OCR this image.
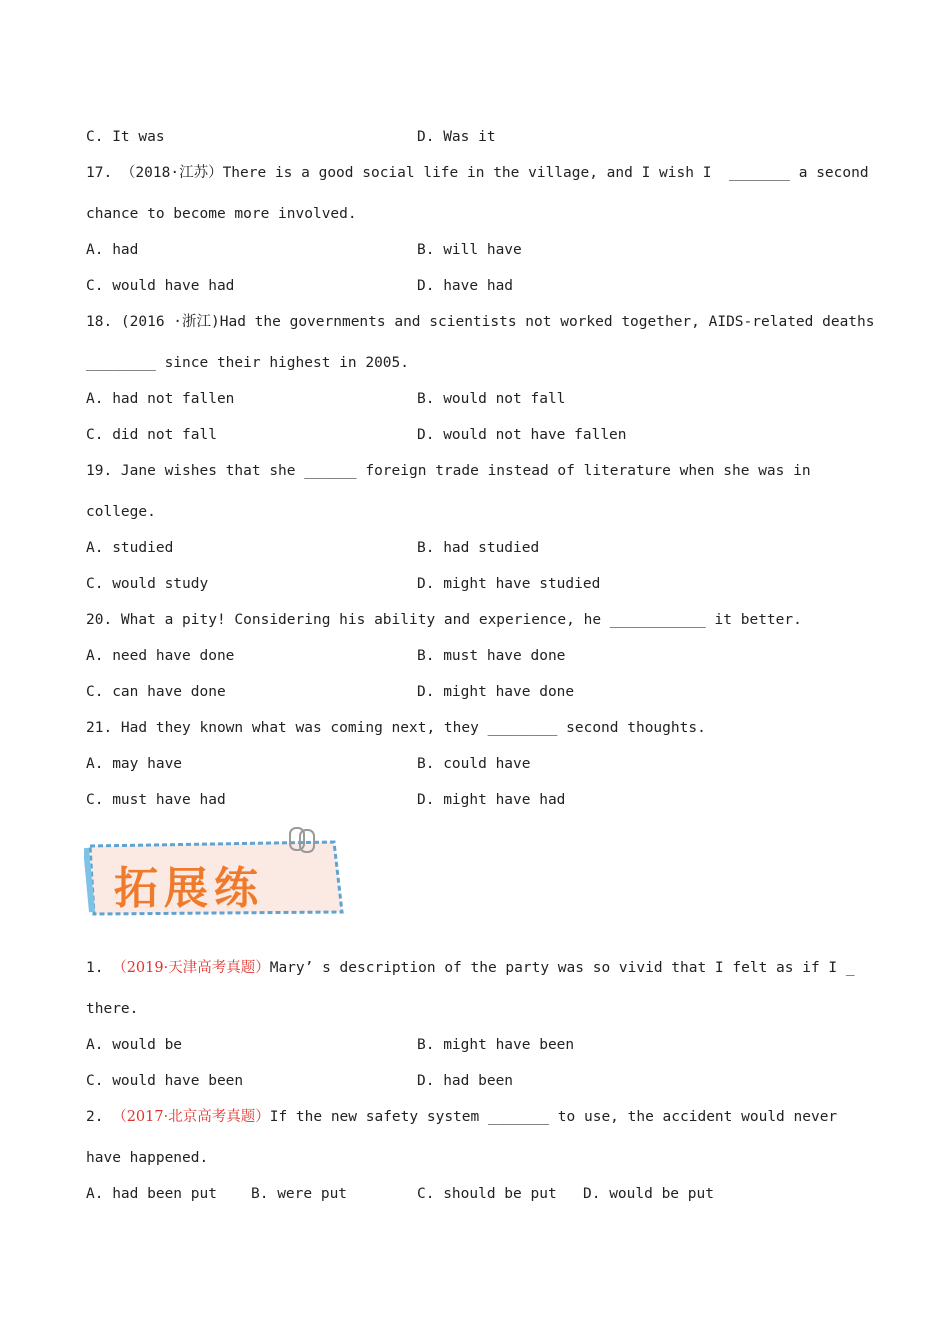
C. It was	D. Was it
17. （2018·江苏）There is a good social life in the village, and I wish I  _______ a second
chance to become more involved.
A. had	B. will have
C. would have had	D. have had
18. (2016 ·浙江)Had the governments and scientists not worked together, AIDS-related deaths
________ since their highest in 2005.
A. had not fallen	B. would not fall
C. did not fall	D. would not have fallen
19. Jane wishes that she ______ foreign trade instead of literature when she was in
college.
A. studied	B. had studied
C. would study	D. might have studied
20. What a pity! Considering his ability and experience, he ___________ it better.
A. need have done	B. must have done
C. can have done	D. might have done
21. Had they known what was coming next, they ________ second thoughts.
A. may have	B. could have
C. must have had	D. might have had
拓展练
1. （2019·天津高考真题）Mary’ s description of the party was so vivid that I felt as if I _
there.
A. would be	B. might have been
C. would have been	D. had been
2. （2017·北京高考真题）If the new safety system _______ to use, the accident would never
have happened.
A. had been put B. were put	C. should be put D. would be put
